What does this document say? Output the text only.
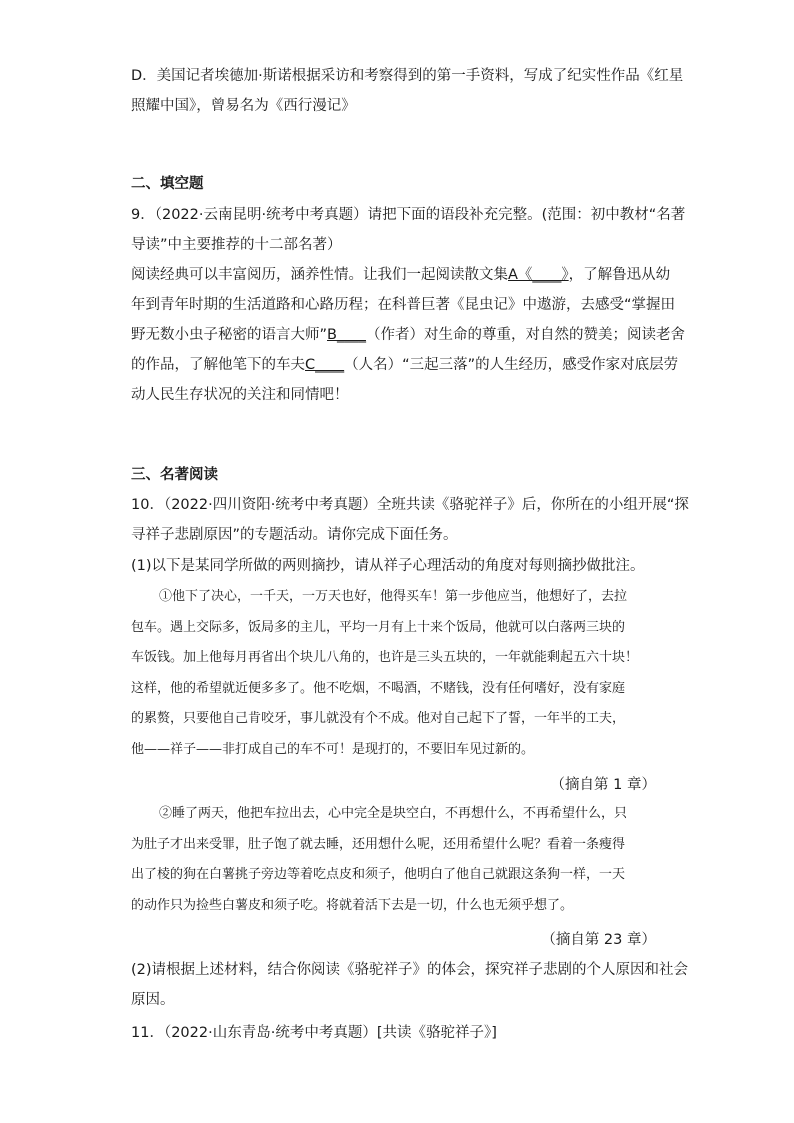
D．美国记者埃德加·斯诺根据采访和考察得到的第一手资料，写成了纪实性作品《红星
照耀中国》，曾易名为《西行漫记》

二、填空题

9．（2022·云南昆明·统考中考真题）请把下面的语段补充完整。(范围：初中教材“名著
导读”中主要推荐的十二部名著）

阅读经典可以丰富阅历，涵养性情。让我们一起阅读散文集A《____》，了解鲁迅从幼
年到青年时期的生活道路和心路历程；在科普巨著《昆虫记》中遨游，去感受“掌握田
野无数小虫子秘密的语言大师”B____（作者）对生命的尊重，对自然的赞美；阅读老舍
的作品，了解他笔下的车夫C____（人名）“三起三落”的人生经历，感受作家对底层劳
动人民生存状况的关注和同情吧！

三、名著阅读

10．（2022·四川资阳·统考中考真题）全班共读《骆驼祥子》后，你所在的小组开展“探
寻祥子悲剧原因”的专题活动。请你完成下面任务。

(1)以下是某同学所做的两则摘抄，请从祥子心理活动的角度对每则摘抄做批注。

①他下了决心，一千天，一万天也好，他得买车！第一步他应当，他想好了，去拉
包车。遇上交际多，饭局多的主儿，平均一月有上十来个饭局，他就可以白落两三块的
车饭钱。加上他每月再省出个块儿八角的，也许是三头五块的，一年就能剩起五六十块！
这样，他的希望就近便多多了。他不吃烟，不喝酒，不赌钱，没有任何嗜好，没有家庭
的累赘，只要他自己肯咬牙，事儿就没有个不成。他对自己起下了誓，一年半的工夫，
他——祥子——非打成自己的车不可！是现打的，不要旧车见过新的。

（摘自第 1 章）

②睡了两天，他把车拉出去，心中完全是块空白，不再想什么，不再希望什么，只
为肚子才出来受罪，肚子饱了就去睡，还用想什么呢，还用希望什么呢？看着一条瘦得
出了棱的狗在白薯挑子旁边等着吃点皮和须子，他明白了他自己就跟这条狗一样，一天
的动作只为捡些白薯皮和须子吃。将就着活下去是一切，什么也无须乎想了。

（摘自第 23 章）

(2)请根据上述材料，结合你阅读《骆驼祥子》的体会，探究祥子悲剧的个人原因和社会
原因。

11．（2022·山东青岛·统考中考真题）[共读《骆驼祥子》]
